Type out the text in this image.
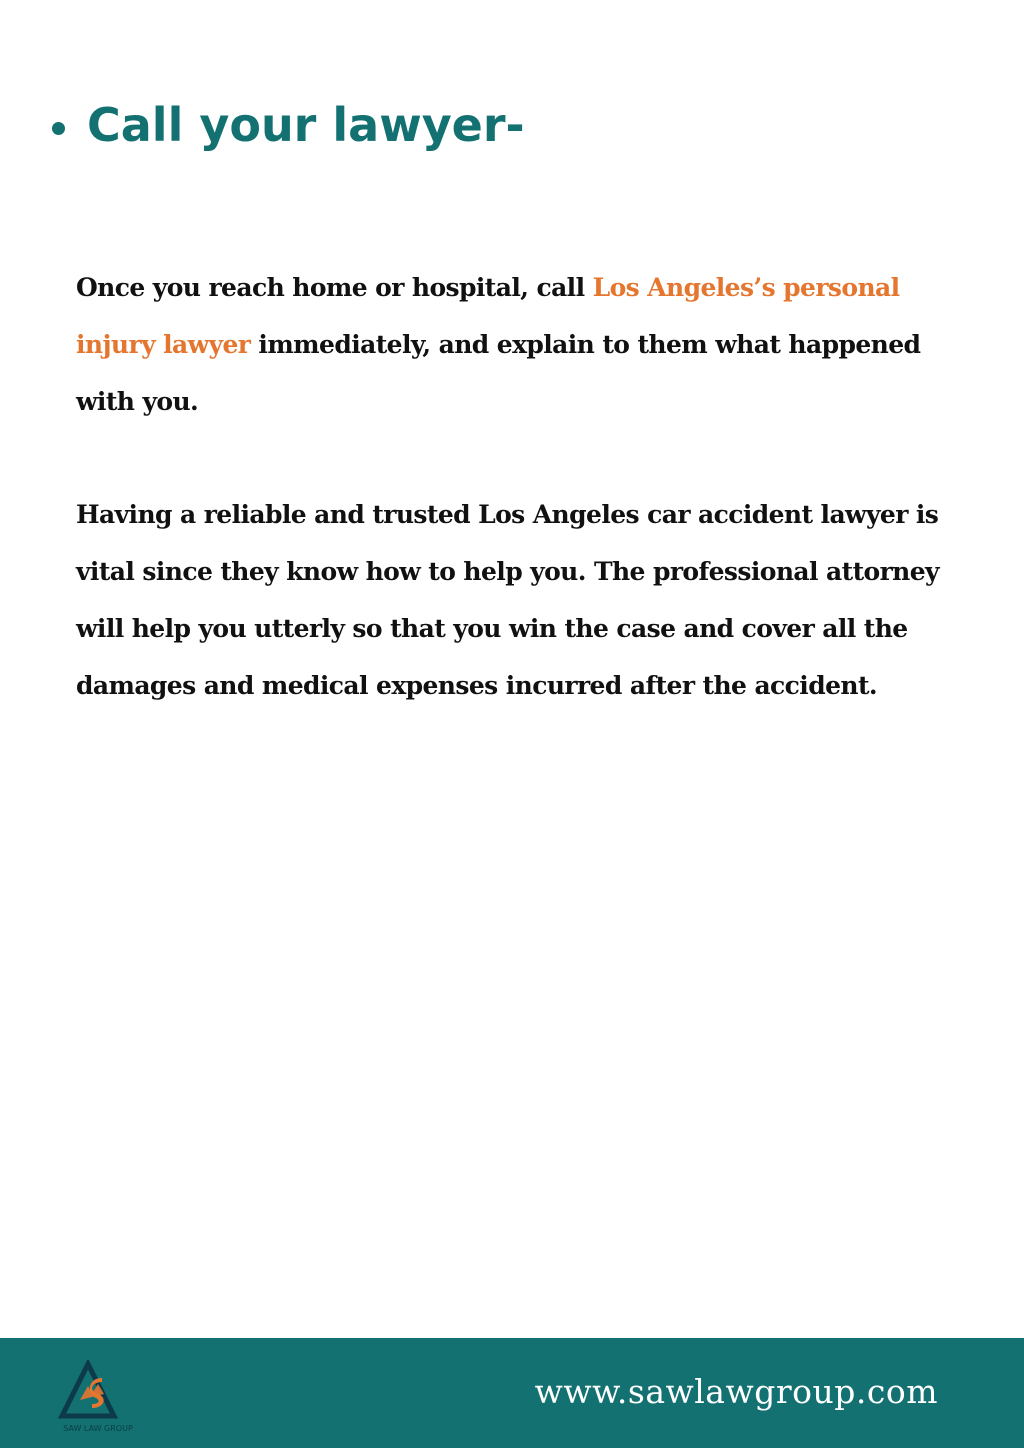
Call your lawyer-

Once you reach home or hospital, call Los Angeles’s personal injury lawyer immediately, and explain to them what happened with you.

Having a reliable and trusted Los Angeles car accident lawyer is vital since they know how to help you. The professional attorney will help you utterly so that you win the case and cover all the damages and medical expenses incurred after the accident.

SAW LAW GROUP
www.sawlawgroup.com
